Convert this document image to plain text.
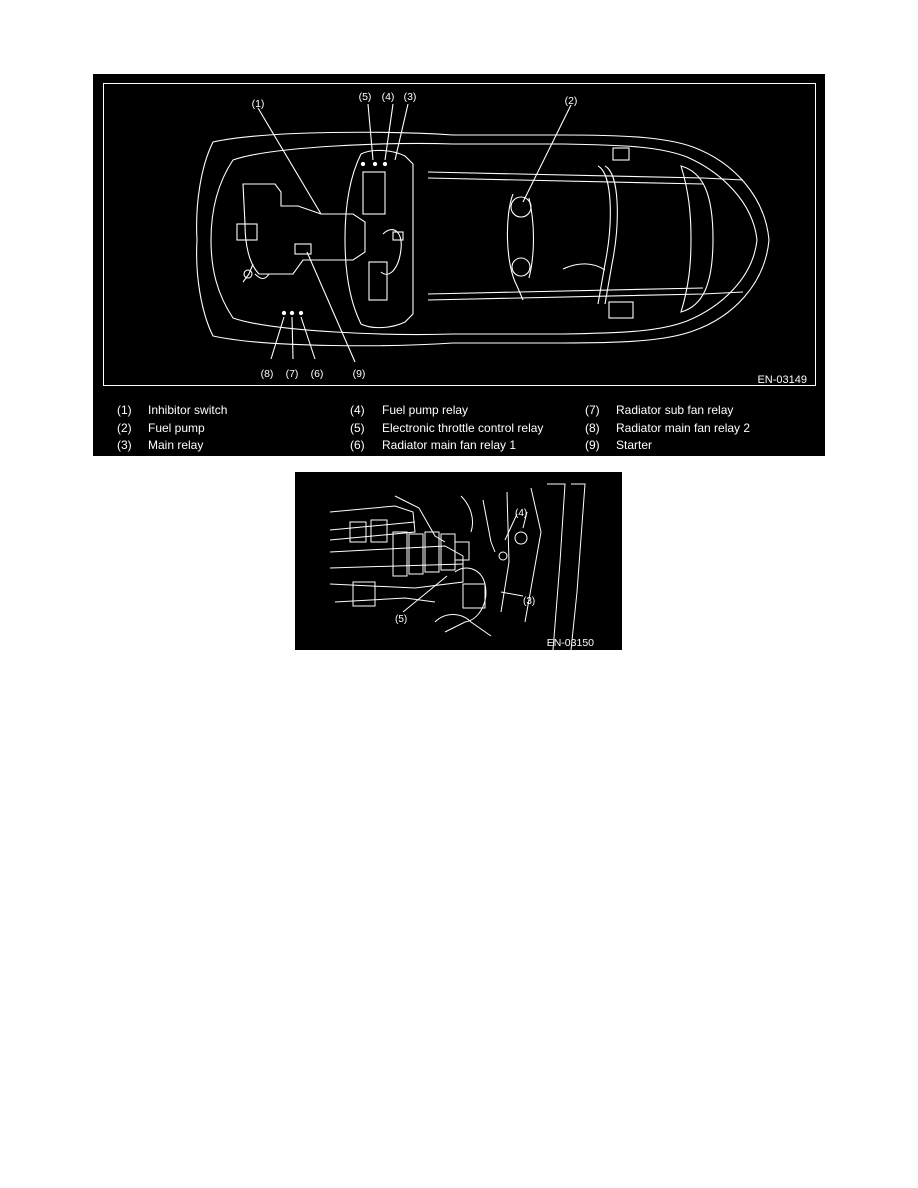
(1)	(2)
(3)
(4)
(5)
(6)
(7)
(8)	(9)	EN-03149
(1) Inhibitor switch
(2) Fuel pump
(3) Main relay
(4) Fuel pump relay
(5) Electronic throttle control relay
(6) Radiator main fan relay 1
(7) Radiator sub fan relay
(8) Radiator main fan relay 2
(9) Starter
(4)
(3)
(5)
EN-03150
